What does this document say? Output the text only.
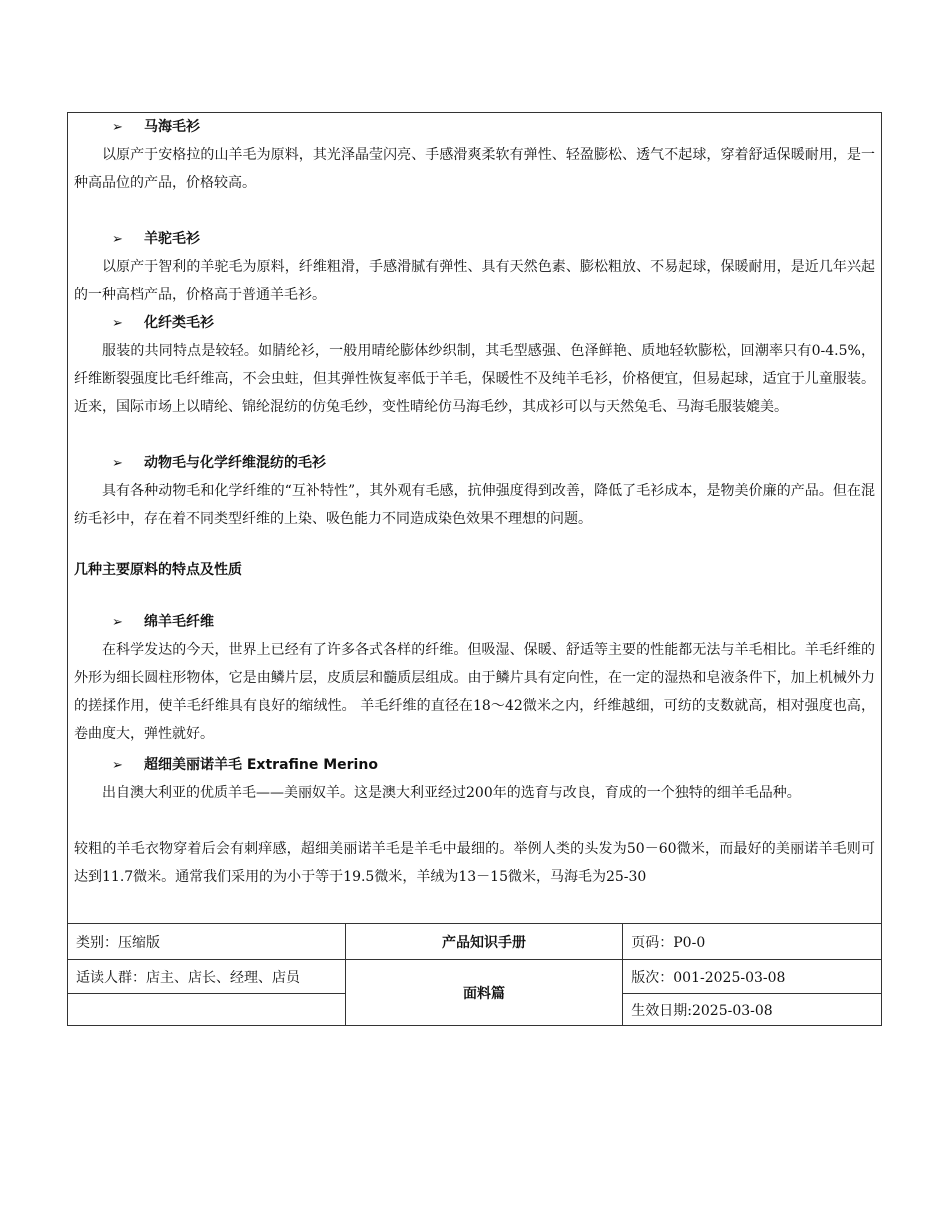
➢ 马海毛衫
以原产于安格拉的山羊毛为原料，其光泽晶莹闪亮、手感滑爽柔软有弹性、轻盈膨松、透气不起球，穿着舒适保暖耐用，是一种高品位的产品，价格较高。
➢ 羊驼毛衫
以原产于智利的羊驼毛为原料，纤维粗滑，手感滑腻有弹性、具有天然色素、膨松粗放、不易起球，保暖耐用，是近几年兴起的一种高档产品，价格高于普通羊毛衫。
➢ 化纤类毛衫
服装的共同特点是较轻。如腈纶衫，一般用晴纶膨体纱织制，其毛型感强、色泽鲜艳、质地轻软膨松，回潮率只有0-4.5%，纤维断裂强度比毛纤维高，不会虫蛀，但其弹性恢复率低于羊毛，保暖性不及纯羊毛衫，价格便宜，但易起球，适宜于儿童服装。近来，国际市场上以晴纶、锦纶混纺的仿兔毛纱，变性晴纶仿马海毛纱，其成衫可以与天然兔毛、马海毛服装媲美。
➢ 动物毛与化学纤维混纺的毛衫
具有各种动物毛和化学纤维的“互补特性”，其外观有毛感，抗伸强度得到改善，降低了毛衫成本，是物美价廉的产品。但在混纺毛衫中，存在着不同类型纤维的上染、吸色能力不同造成染色效果不理想的问题。
几种主要原料的特点及性质
➢ 绵羊毛纤维
在科学发达的今天，世界上已经有了许多各式各样的纤维。但吸湿、保暖、舒适等主要的性能都无法与羊毛相比。羊毛纤维的外形为细长圆柱形物体，它是由鳞片层，皮质层和髓质层组成。由于鳞片具有定向性，在一定的湿热和皂液条件下，加上机械外力的搓揉作用，使羊毛纤维具有良好的缩绒性。 羊毛纤维的直径在18～42微米之内，纤维越细，可纺的支数就高，相对强度也高，卷曲度大，弹性就好。
➢ 超细美丽诺羊毛 Extrafine Merino
出自澳大利亚的优质羊毛——美丽奴羊。这是澳大利亚经过200年的选育与改良，育成的一个独特的细羊毛品种。
较粗的羊毛衣物穿着后会有刺痒感，超细美丽诺羊毛是羊毛中最细的。举例人类的头发为50－60微米，而最好的美丽诺羊毛则可达到11.7微米。通常我们采用的为小于等于19.5微米，羊绒为13－15微米，马海毛为25-30
类别：压缩版	产品知识手册	页码：P0-0
适读人群：店主、店长、经理、店员	面料篇	版次：001-2025-03-08
		生效日期:2025-03-08
